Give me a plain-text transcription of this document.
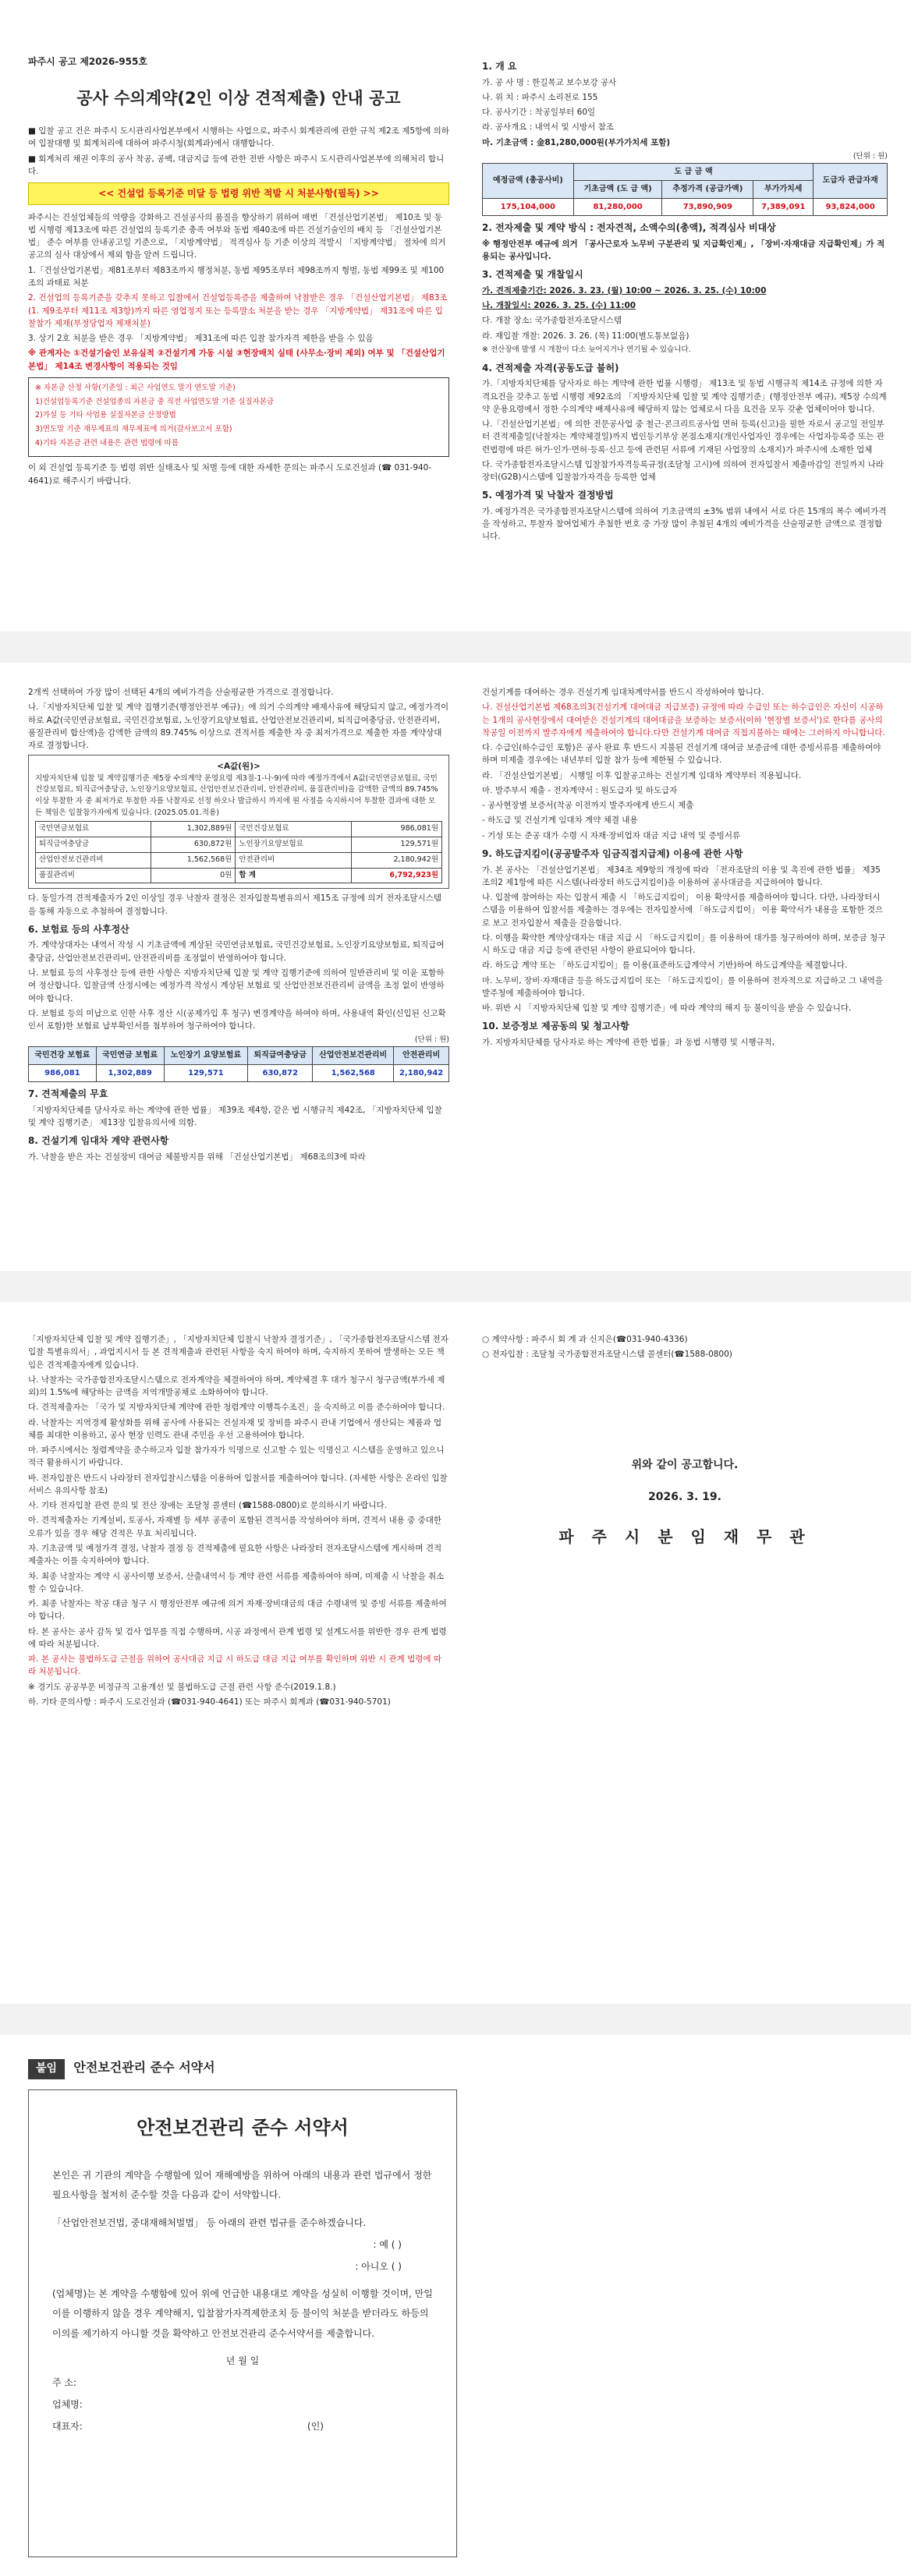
파주시 공고 제2026-955호
공사 수의계약(2인 이상 견적제출) 안내 공고

■ 입찰 공고 건은 파주시 도시관리사업본부에서 시행하는 사업으로, 파주시 회계관리에 관한 규칙 제2조 제5항에 의하여 입찰대행 및 회계처리에 대하여 파주시청(회계과)에서 대행합니다.

■ 회계처리 채권 이후의 공사 착공, 공백, 대금지급 등에 관한 전반 사항은 파주시 도시관리사업본부에 의해처리 합니다.

<< 건설업 등록기준 미달 등 법령 위반 적발 시 처분사항(필독) >>

파주시는 건설업체들의 역량을 강화하고 건설공사의 품질을 향상하기 위하여 매번 「건설산업기본법」 제10조 및 동법 시행령 제13조에 따른 건설업의 등록기준 충족 여부와 동법 제40조에 따른 건설기술인의 배치 등 「건설산업기본법」 준수 여부를 안내공고일 기준으로, 「지방계약법」 적격심사 등 기준 이상의 적발시 「지방계약법」 절차에 의거 공고의 심사 대상에서 제외 함을 알려 드립니다.

1.「건설산업기본법」제81조부터 제83조까지 행정처분, 동법 제95조부터 제98조까지 형벌, 동법 제99조 및 제100조의 과태료 처분

2. 건설업의 등록기준을 갖추지 못하고 입찰에서 건설업등록증을 제출하여 낙찰받은 경우 「건설산업기본법」 제83조(1. 제9조부터 제11조 제3항)까지 따른 영업정지 또는 등록말소 처분을 받는 경우 「지방계약법」 제31조에 따른 입찰참가 제재(부정당업자 제재처분)

3. 상기 2호 처분을 받은 경우 「지방계약법」 제31조에 따른 입찰 참가자격 제한을 받을 수 있음

※ 관계자는 ①건설기술인 보유실적 ②건설기계 가동 시설 ③현장배치 실태 (사무소·장비 제외) 여부 및 「건설산업기본법」 제14조 변경사항이 적용되는 것임

※ 자본금 산정 사항(기준일 : 최근 사업연도 말기 연도말 기준)

1)건설업등록기준 건설업종의 자본금 중 직전 사업연도말 기준 실질자본금

2)가설 등 기타 사업용 실질자본금 산정방법

3)연도말 기준 재무제표의 재무제표에 의거(감사보고서 포함)

4)기타 자본금 관련 내용은 관련 법령에 따름

이 외 건설업 등록기준 등 법령 위반 실태조사 및 처벌 등에 대한 자세한 문의는 파주시 도로건설과 (☎ 031-940-4641)로 해주시기 바랍니다.

1. 개 요

가. 공 사 명 : 한길목교 보수보강 공사

나. 위 치 : 파주시 소리천로 155

다. 공사기간 : 착공일부터 60일

라. 공사개요 : 내역서 및 시방서 참조

마. 기초금액 : 金81,280,000원(부가가치세 포함)

(단위 : 원)
예정금액 (총공사비)	도 급 금 액			도급자 관급자재
	기초금액 (도 급 액)	추정가격 (공급가액)	부가가치세	
175,104,000	81,280,000	73,890,909	7,389,091	93,824,000
2. 전자제출 및 계약 방식 : 전자견적, 소액수의(총액), 적격심사 비대상

※ 행정안전부 예규에 의거 「공사근로자 노무비 구분관리 및 지급확인제」, 「장비·자재대금 지급확인제」가 적용되는 공사입니다.

3. 견적제출 및 개찰일시

가. 견적제출기간: 2026. 3. 23. (월) 10:00 ~ 2026. 3. 25. (수) 10:00

나. 개찰일시: 2026. 3. 25. (수) 11:00

다. 개찰 장소: 국가종합전자조달시스템

라. 재입찰 개찰: 2026. 3. 26. (목) 11:00(별도통보없음)

※ 전산장애 발생 시 개찰이 다소 늦어지거나 연기될 수 있습니다.

4. 견적제출 자격(공동도급 불허)

가.「지방자치단체를 당사자로 하는 계약에 관한 법률 시행령」 제13조 및 동법 시행규칙 제14조 규정에 의한 자격요건을 갖추고 동법 시행령 제92조의 「지방자치단체 입찰 및 계약 집행기준」(행정안전부 예규), 제5장 수의계약 운용요령에서 정한 수의계약 배제사유에 해당하지 않는 업체로서 다음 요건을 모두 갖춘 업체이어야 합니다.

나.「건설산업기본법」에 의한 전문공사업 중 철근·콘크리트공사업 면허 등록(신고)을 필한 자로서 공고일 전일부터 견적제출일(낙찰자는 계약체결일)까지 법인등기부상 본점소재지(개인사업자인 경우에는 사업자등록증 또는 관련법령에 따른 허가·인가·면허·등록·신고 등에 관련된 서류에 기재된 사업장의 소재지)가 파주시에 소재한 업체

다. 국가종합전자조달시스템 입찰참가자격등록규정(조달청 고시)에 의하여 전자입찰서 제출마감일 전일까지 나라장터(G2B)시스템에 입찰참가자격을 등록한 업체

5. 예정가격 및 낙찰자 결정방법

가. 예정가격은 국가종합전자조달시스템에 의하여 기초금액의 ±3% 범위 내에서 서로 다른 15개의 복수 예비가격을 작성하고, 투찰자 참여업체가 추첨한 번호 중 가장 많이 추첨된 4개의 예비가격을 산술평균한 금액으로 결정합니다.

2개씩 선택하여 가장 많이 선택된 4개의 예비가격을 산술평균한 가격으로 결정합니다.

나.「지방자치단체 입찰 및 계약 집행기준(행정안전부 예규)」에 의거 수의계약 배제사유에 해당되지 않고, 예정가격이하로 A값(국민연금보험료, 국민건강보험료, 노인장기요양보험료, 산업안전보건관리비, 퇴직급여충당금, 안전관리비, 품질관리비 합산액)을 감액한 금액의 89.745% 이상으로 견적서를 제출한 자 중 최저가격으로 제출한 자를 계약상대자로 결정합니다.

<A값(원)>

지방자치단체 입찰 및 계약집행기준 제5장 수의계약 운영요령 제3절-1-나-9)에 따라 예정가격에서 A값(국민연금보험료, 국민건강보험료, 퇴직급여충당금, 노인장기요양보험료, 산업안전보건관리비, 안전관리비, 품질관리비)을 감액한 금액의 89.745% 이상 투찰한 자 중 최저가로 투찰한 자를 낙찰자로 선정 하오나 발급하시 까지에 원 사정을 숙지하시어 투찰한 결과에 대한 모든 책임은 입찰참가자에게 있습니다. (2025.05.01.적용)

국민연금보험료	1,302,889원	국민건강보험료	986,081원
퇴직급여충당금	630,872원	노인장기요양보험료	129,571원
산업안전보건관리비	1,562,568원	안전관리비	2,180,942원
품질관리비	0원	합 계	6,792,923원

다. 동일가격 견적제출자가 2인 이상일 경우 낙찰자 결정은 전자입찰특별유의서 제15조 규정에 의거 전자조달시스템을 통해 자동으로 추첨하여 결정합니다.

6. 보험료 등의 사후정산

가. 계약상대자는 내역서 작성 시 기초금액에 계상된 국민연금보험료, 국민건강보험료, 노인장기요양보험료, 퇴직급여충당금, 산업안전보건관리비, 안전관리비를 조정없이 반영하여야 합니다.

나. 보험료 등의 사후정산 등에 관한 사항은 지방자치단체 입찰 및 계약 집행기준에 의하여 일반관리비 및 이윤 포함하여 정산합니다. 입찰금액 산정시에는 예정가격 작성시 계상된 보험료 및 산업안전보건관리비 금액을 조정 없이 반영하여야 합니다.

다. 보험료 등의 미납으로 인한 사후 정산 시(공제가입 후 청구) 변경계약을 하여야 하며, 사용내역 확인(신입된 신고확인서 포함)한 보험료 납부확인서를 첨부하여 청구하여야 합니다.

(단위 : 원)
국민건강 보험료	국민연금 보험료	노인장기 요양보험료	퇴직급여충당금	산업안전보건관리비	안전관리비
986,081	1,302,889	129,571	630,872	1,562,568	2,180,942
7. 견적제출의 무효

「지방자치단체를 당사자로 하는 계약에 관한 법률」 제39조 제4항, 같은 법 시행규칙 제42조, 「지방자치단체 입찰 및 계약 집행기준」 제13장 입찰유의서에 의함.

8. 건설기계 임대차 계약 관련사항

가. 낙찰을 받은 자는 건설장비 대여금 체불방지를 위해 「건설산업기본법」 제68조의3에 따라

건설기계를 대여하는 경우 건설기계 임대차계약서를 반드시 작성하여야 합니다.

나. 건설산업기본법 제68조의3(건설기계 대여대금 지급보증) 규정에 따라 수급인 또는 하수급인은 자신이 시공하는 1개의 공사현장에서 대여받은 건설기계의 대여대금을 보증하는 보증서(이하 '현장별 보증서')로 한다를 공사의 착공일 이전까지 발주자에게 제출하여야 합니다.다만 건설기계 대여금 직접지불하는 때에는 그러하지 아니합니다.

다. 수급인(하수급인 포함)은 공사 완료 후 반드시 지불된 건설기계 대여금 보증금에 대한 증빙서류를 제출하여야 하며 미제출 경우에는 내년부터 입찰 참가 등에 제한될 수 있습니다.

라. 「건설산업기본법」 시행일 이후 입찰공고하는 건설기계 임대차 계약부터 적용됩니다.

마. 발주부서 제출 - 전자계약서 : 원도급자 및 하도급자

- 공사현장별 보증서(착공 이전까지 발주자에게 반드시 제출

- 하도급 및 건설기계 임대차 계약 체결 내용

- 기성 또는 준공 대가 수령 시 자재·장비업자 대금 지급 내역 및 증빙서류

9. 하도급지킴이(공공발주자 임금직접지급제) 이용에 관한 사항

가. 본 공사는 「건설산업기본법」 제34조 제9항의 개정에 따라 「전자조달의 이용 및 촉진에 관한 법률」 제35조의2 제1항에 따른 시스템(나라장터 하도급지킴이)을 이용하여 공사대금을 지급하여야 합니다.

나. 입찰에 참여하는 자는 입찰서 제출 시 「하도급지킴이」 이용 확약서를 제출하여야 합니다. 다만, 나라장터시스템을 이용하여 입찰서를 제출하는 경우에는 전자입찰서에 「하도급지킴이」 이용 확약서가 내용을 포함한 것으로 보고 전자입찰서 제출을 갈음합니다.

다. 이행을 확약한 계약상대자는 대금 지급 시 「하도급지킴이」를 이용하여 대가를 청구하여야 하며, 보증금 청구 시 하도급 대금 지급 등에 관련된 사항이 완료되어야 합니다.

라. 하도급 계약 또는 「하도급지킴이」를 이용(표준하도급계약서 기반)하여 하도급계약을 체결합니다.

마. 노무비, 장비·자재대금 등을 하도급지킴이 또는 「하도급지킴이」를 이용하여 전자적으로 지급하고 그 내역을 발주청에 제출하여야 합니다.

바. 위반 시 「지방자치단체 입찰 및 계약 집행기준」에 따라 계약의 해지 등 불이익을 받을 수 있습니다.

10. 보증정보 제공동의 및 청고사항

가. 지방자치단체를 당사자로 하는 계약에 관한 법률」과 동법 시행령 및 시행규칙,

「지방자치단체 입찰 및 계약 집행기준」, 「지방자치단체 입찰시 낙찰자 결정기준」, 「국가종합전자조달시스템 전자입찰 특별유의서」, 과업지시서 등 본 견적제출과 관련된 사항을 숙지 하여야 하며, 숙지하지 못하여 발생하는 모든 책임은 견적제출자에게 있습니다.

나. 낙찰자는 국가종합전자조달시스템으로 전자계약을 체결하여야 하며, 계약체결 후 대가 청구시 청구금액(부가세 제외)의 1.5%에 해당하는 금액을 지역개발공채로 소화하여야 합니다.

다. 견적제출자는 「국가 및 지방자치단체 계약에 관한 청렴계약 이행특수조건」을 숙지하고 이를 준수하여야 합니다.

라. 낙찰자는 지역경제 활성화를 위해 공사에 사용되는 건설자재 및 장비를 파주시 관내 기업에서 생산되는 제품과 업체를 최대한 이용하고, 공사 현장 인력도 관내 주민을 우선 고용하여야 합니다.

마. 파주시에서는 청렴계약을 준수하고자 입찰 참가자가 익명으로 신고할 수 있는 익명신고 시스템을 운영하고 있으니 적극 활용하시기 바랍니다.

바. 전자입찰은 반드시 나라장터 전자입찰시스템을 이용하여 입찰서를 제출하여야 합니다. (자세한 사항은 온라인 입찰서비스 유의사항 참조)

사. 기타 전자입찰 관련 문의 및 전산 장애는 조달청 콜센터 (☎1588-0800)로 문의하시기 바랍니다.

아. 견적제출자는 기계설비, 토공사, 자재별 등 세부 공종이 포함된 견적서를 작성하여야 하며, 견적서 내용 중 중대한 오류가 있을 경우 해당 견적은 무효 처리됩니다.

자. 기초금액 및 예정가격 결정, 낙찰자 결정 등 견적제출에 필요한 사항은 나라장터 전자조달시스템에 게시하며 견적제출자는 이를 숙지하여야 합니다.

차. 최종 낙찰자는 계약 시 공사이행 보증서, 산출내역서 등 계약 관련 서류를 제출하여야 하며, 미제출 시 낙찰을 취소할 수 있습니다.

카. 최종 낙찰자는 착공 대금 청구 시 행정안전부 예규에 의거 자재·장비대금의 대금 수령내역 및 증빙 서류를 제출하여야 합니다.

타. 본 공사는 공사 감독 및 검사 업무를 직접 수행하며, 시공 과정에서 관계 법령 및 설계도서를 위반한 경우 관계 법령에 따라 처분됩니다.

파. 본 공사는 불법하도급 근절을 위하여 공사대금 지급 시 하도급 대금 지급 여부를 확인하며 위반 시 관계 법령에 따라 처분됩니다.

※ 경기도 공공부문 비정규직 고용개선 및 불법하도급 근절 관련 사항 준수(2019.1.8.)

하. 기타 문의사항 : 파주시 도로건설과 (☎031-940-4641) 또는 파주시 회계과 (☎031-940-5701)

○ 계약사항 : 파주시 회 계 과 신지은(☎031-940-4336)

○ 전자입찰 : 조달청 국가종합전자조달시스템 콜센터(☎1588-0800)

위와 같이 공고합니다.
2026. 3. 19.
파 주 시 분 임 재 무 관
붙임 안전보건관리 준수 서약서
안전보건관리 준수 서약서

본인은 귀 기관의 계약을 수행함에 있어 재해예방을 위하여 아래의 내용과 관련 법규에서 정한 필요사항을 철저히 준수할 것을 다음과 같이 서약합니다.

「산업안전보건법, 중대재해처벌법」 등 아래의 관련 법규를 준수하겠습니다.

: 예 ( )

: 아니오 ( )

(업체명)는 본 계약을 수행함에 있어 위에 언급한 내용대로 계약을 성실히 이행할 것이며, 만일 이를 이행하지 않을 경우 계약해지, 입찰참가자격제한조치 등 불이익 처분을 받더라도 하등의 이의를 제기하지 아니할 것을 확약하고 안전보건관리 준수서약서를 제출합니다.

년 월 일

주 소:

업체명:

대표자:	(인)
